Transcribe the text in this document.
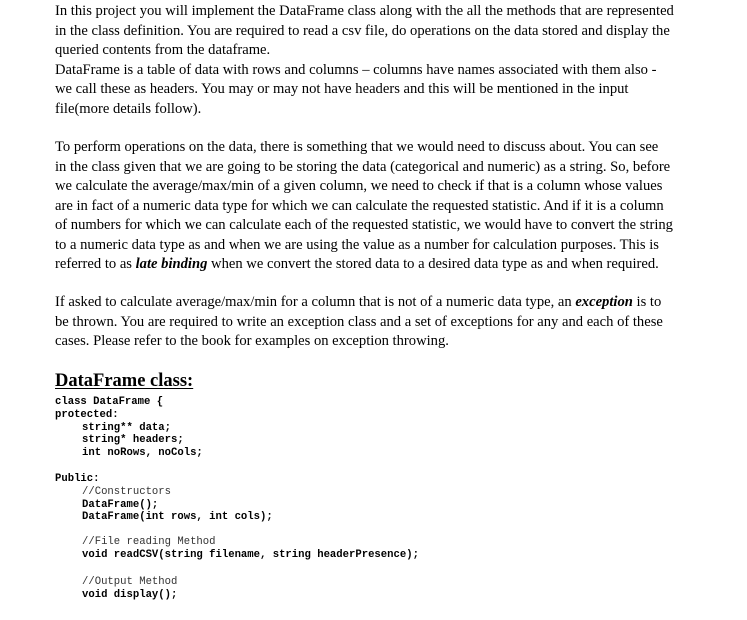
In this project you will implement the DataFrame class along with the all the methods that are represented
in the class definition. You are required to read a csv file, do operations on the data stored and display the
queried contents from the dataframe.
DataFrame is a table of data with rows and columns – columns have names associated with them also -
we call these as headers. You may or may not have headers and this will be mentioned in the input
file(more details follow).
To perform operations on the data, there is something that we would need to discuss about. You can see
in the class given that we are going to be storing the data (categorical and numeric) as a string. So, before
we calculate the average/max/min of a given column, we need to check if that is a column whose values
are in fact of a numeric data type for which we can calculate the requested statistic. And if it is a column
of numbers for which we can calculate each of the requested statistic, we would have to convert the string
to a numeric data type as and when we are using the value as a number for calculation purposes. This is
referred to as late binding when we convert the stored data to a desired data type as and when required.
If asked to calculate average/max/min for a column that is not of a numeric data type, an exception is to
be thrown. You are required to write an exception class and a set of exceptions for any and each of these
cases. Please refer to the book for examples on exception throwing.
DataFrame class:
class DataFrame {
protected:
string** data;
string* headers;
int noRows, noCols;
Public:
//Constructors
DataFrame();
DataFrame(int rows, int cols);
//File reading Method
void readCSV(string filename, string headerPresence);
//Output Method
void display();
